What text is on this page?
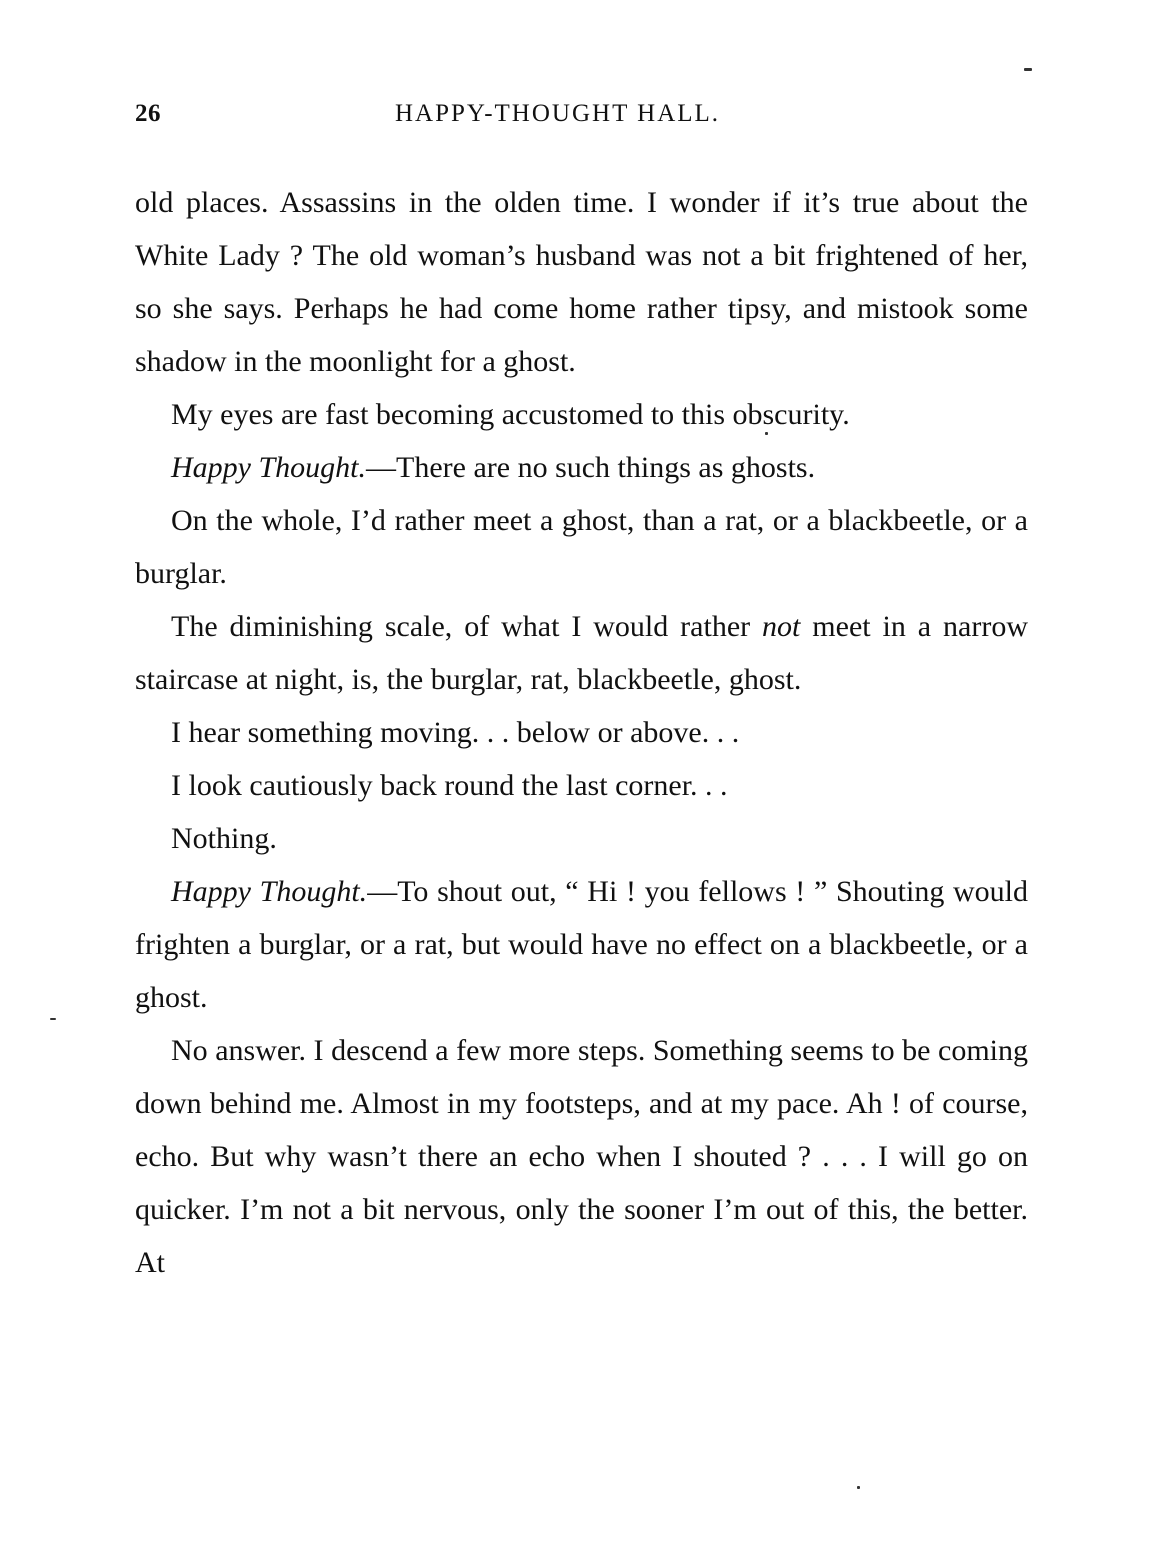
26	HAPPY-THOUGHT HALL.

old places. Assassins in the olden time. I wonder if it’s true about the White Lady ? The old woman’s husband was not a bit frightened of her, so she says. Perhaps he had come home rather tipsy, and mistook some shadow in the moonlight for a ghost.

My eyes are fast becoming accustomed to this obscurity.

Happy Thought.—There are no such things as ghosts.

On the whole, I’d rather meet a ghost, than a rat, or a blackbeetle, or a burglar.

The diminishing scale, of what I would rather not meet in a narrow staircase at night, is, the burglar, rat, blackbeetle, ghost.

I hear something moving. . . below or above. . .

I look cautiously back round the last corner. . .

Nothing.

Happy Thought.—To shout out, “ Hi ! you fellows ! ” Shouting would frighten a burglar, or a rat, but would have no effect on a blackbeetle, or a ghost.

No answer. I descend a few more steps. Something seems to be coming down behind me. Almost in my footsteps, and at my pace. Ah ! of course, echo. But why wasn’t there an echo when I shouted ? . . . I will go on quicker. I’m not a bit nervous, only the sooner I’m out of this, the better. At
